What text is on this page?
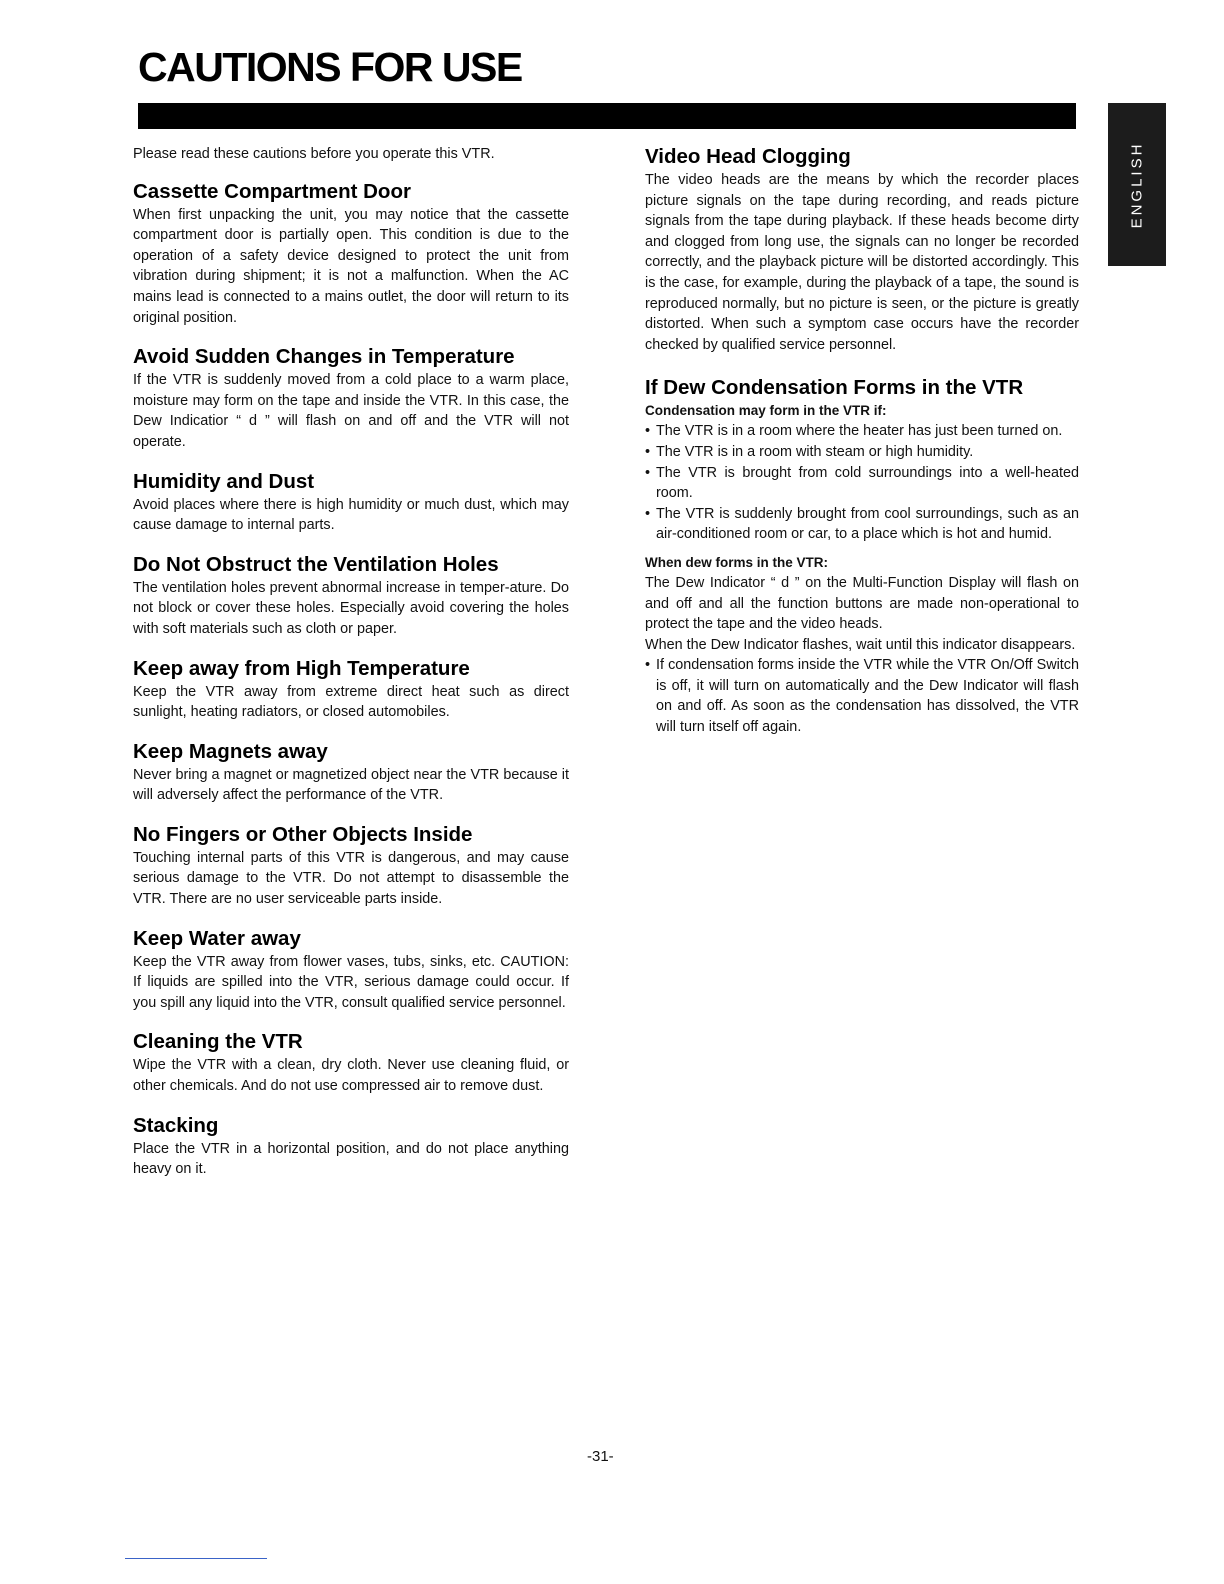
CAUTIONS FOR USE
ENGLISH

Please read these cautions before you operate this VTR.

Cassette Compartment Door

When first unpacking the unit, you may notice that the cassette compartment door is partially open. This condition is due to the operation of a safety device designed to protect the unit from vibration during shipment; it is not a malfunction. When the AC mains lead is connected to a mains outlet, the door will return to its original position.

Avoid Sudden Changes in Temperature

If the VTR is suddenly moved from a cold place to a warm place, moisture may form on the tape and inside the VTR. In this case, the Dew Indicatior “ d ” will flash on and off and the VTR will not operate.

Humidity and Dust

Avoid places where there is high humidity or much dust, which may cause damage to internal parts.

Do Not Obstruct the Ventilation Holes

The ventilation holes prevent abnormal increase in temper-ature. Do not block or cover these holes. Especially avoid covering the holes with soft materials such as cloth or paper.

Keep away from High Temperature

Keep the VTR away from extreme direct heat such as direct sunlight, heating radiators, or closed automobiles.

Keep Magnets away

Never bring a magnet or magnetized object near the VTR because it will adversely affect the performance of the VTR.

No Fingers or Other Objects Inside

Touching internal parts of this VTR is dangerous, and may cause serious damage to the VTR. Do not attempt to disassemble the VTR. There are no user serviceable parts inside.

Keep Water away

Keep the VTR away from flower vases, tubs, sinks, etc. CAUTION: If liquids are spilled into the VTR, serious damage could occur. If you spill any liquid into the VTR, consult qualified service personnel.

Cleaning the VTR

Wipe the VTR with a clean, dry cloth. Never use cleaning fluid, or other chemicals. And do not use compressed air to remove dust.

Stacking

Place the VTR in a horizontal position, and do not place anything heavy on it.

Video Head Clogging

The video heads are the means by which the recorder places picture signals on the tape during recording, and reads picture signals from the tape during playback. If these heads become dirty and clogged from long use, the signals can no longer be recorded correctly, and the playback picture will be distorted accordingly. This is the case, for example, during the playback of a tape, the sound is reproduced normally, but no picture is seen, or the picture is greatly distorted. When such a symptom case occurs have the recorder checked by qualified service personnel.

If Dew Condensation Forms in the VTR
Condensation may form in the VTR if:
• The VTR is in a room where the heater has just been turned on.
• The VTR is in a room with steam or high humidity.
• The VTR is brought from cold surroundings into a well-heated room.
• The VTR is suddenly brought from cool surroundings, such as an air-conditioned room or car, to a place which is hot and humid.
When dew forms in the VTR:

The Dew Indicator “ d ” on the Multi-Function Display will flash on and off and all the function buttons are made non-operational to protect the tape and the video heads.

When the Dew Indicator flashes, wait until this indicator disappears.

• If condensation forms inside the VTR while the VTR On/Off Switch is off, it will turn on automatically and the Dew Indicator will flash on and off. As soon as the condensation has dissolved, the VTR will turn itself off again.
-31-
